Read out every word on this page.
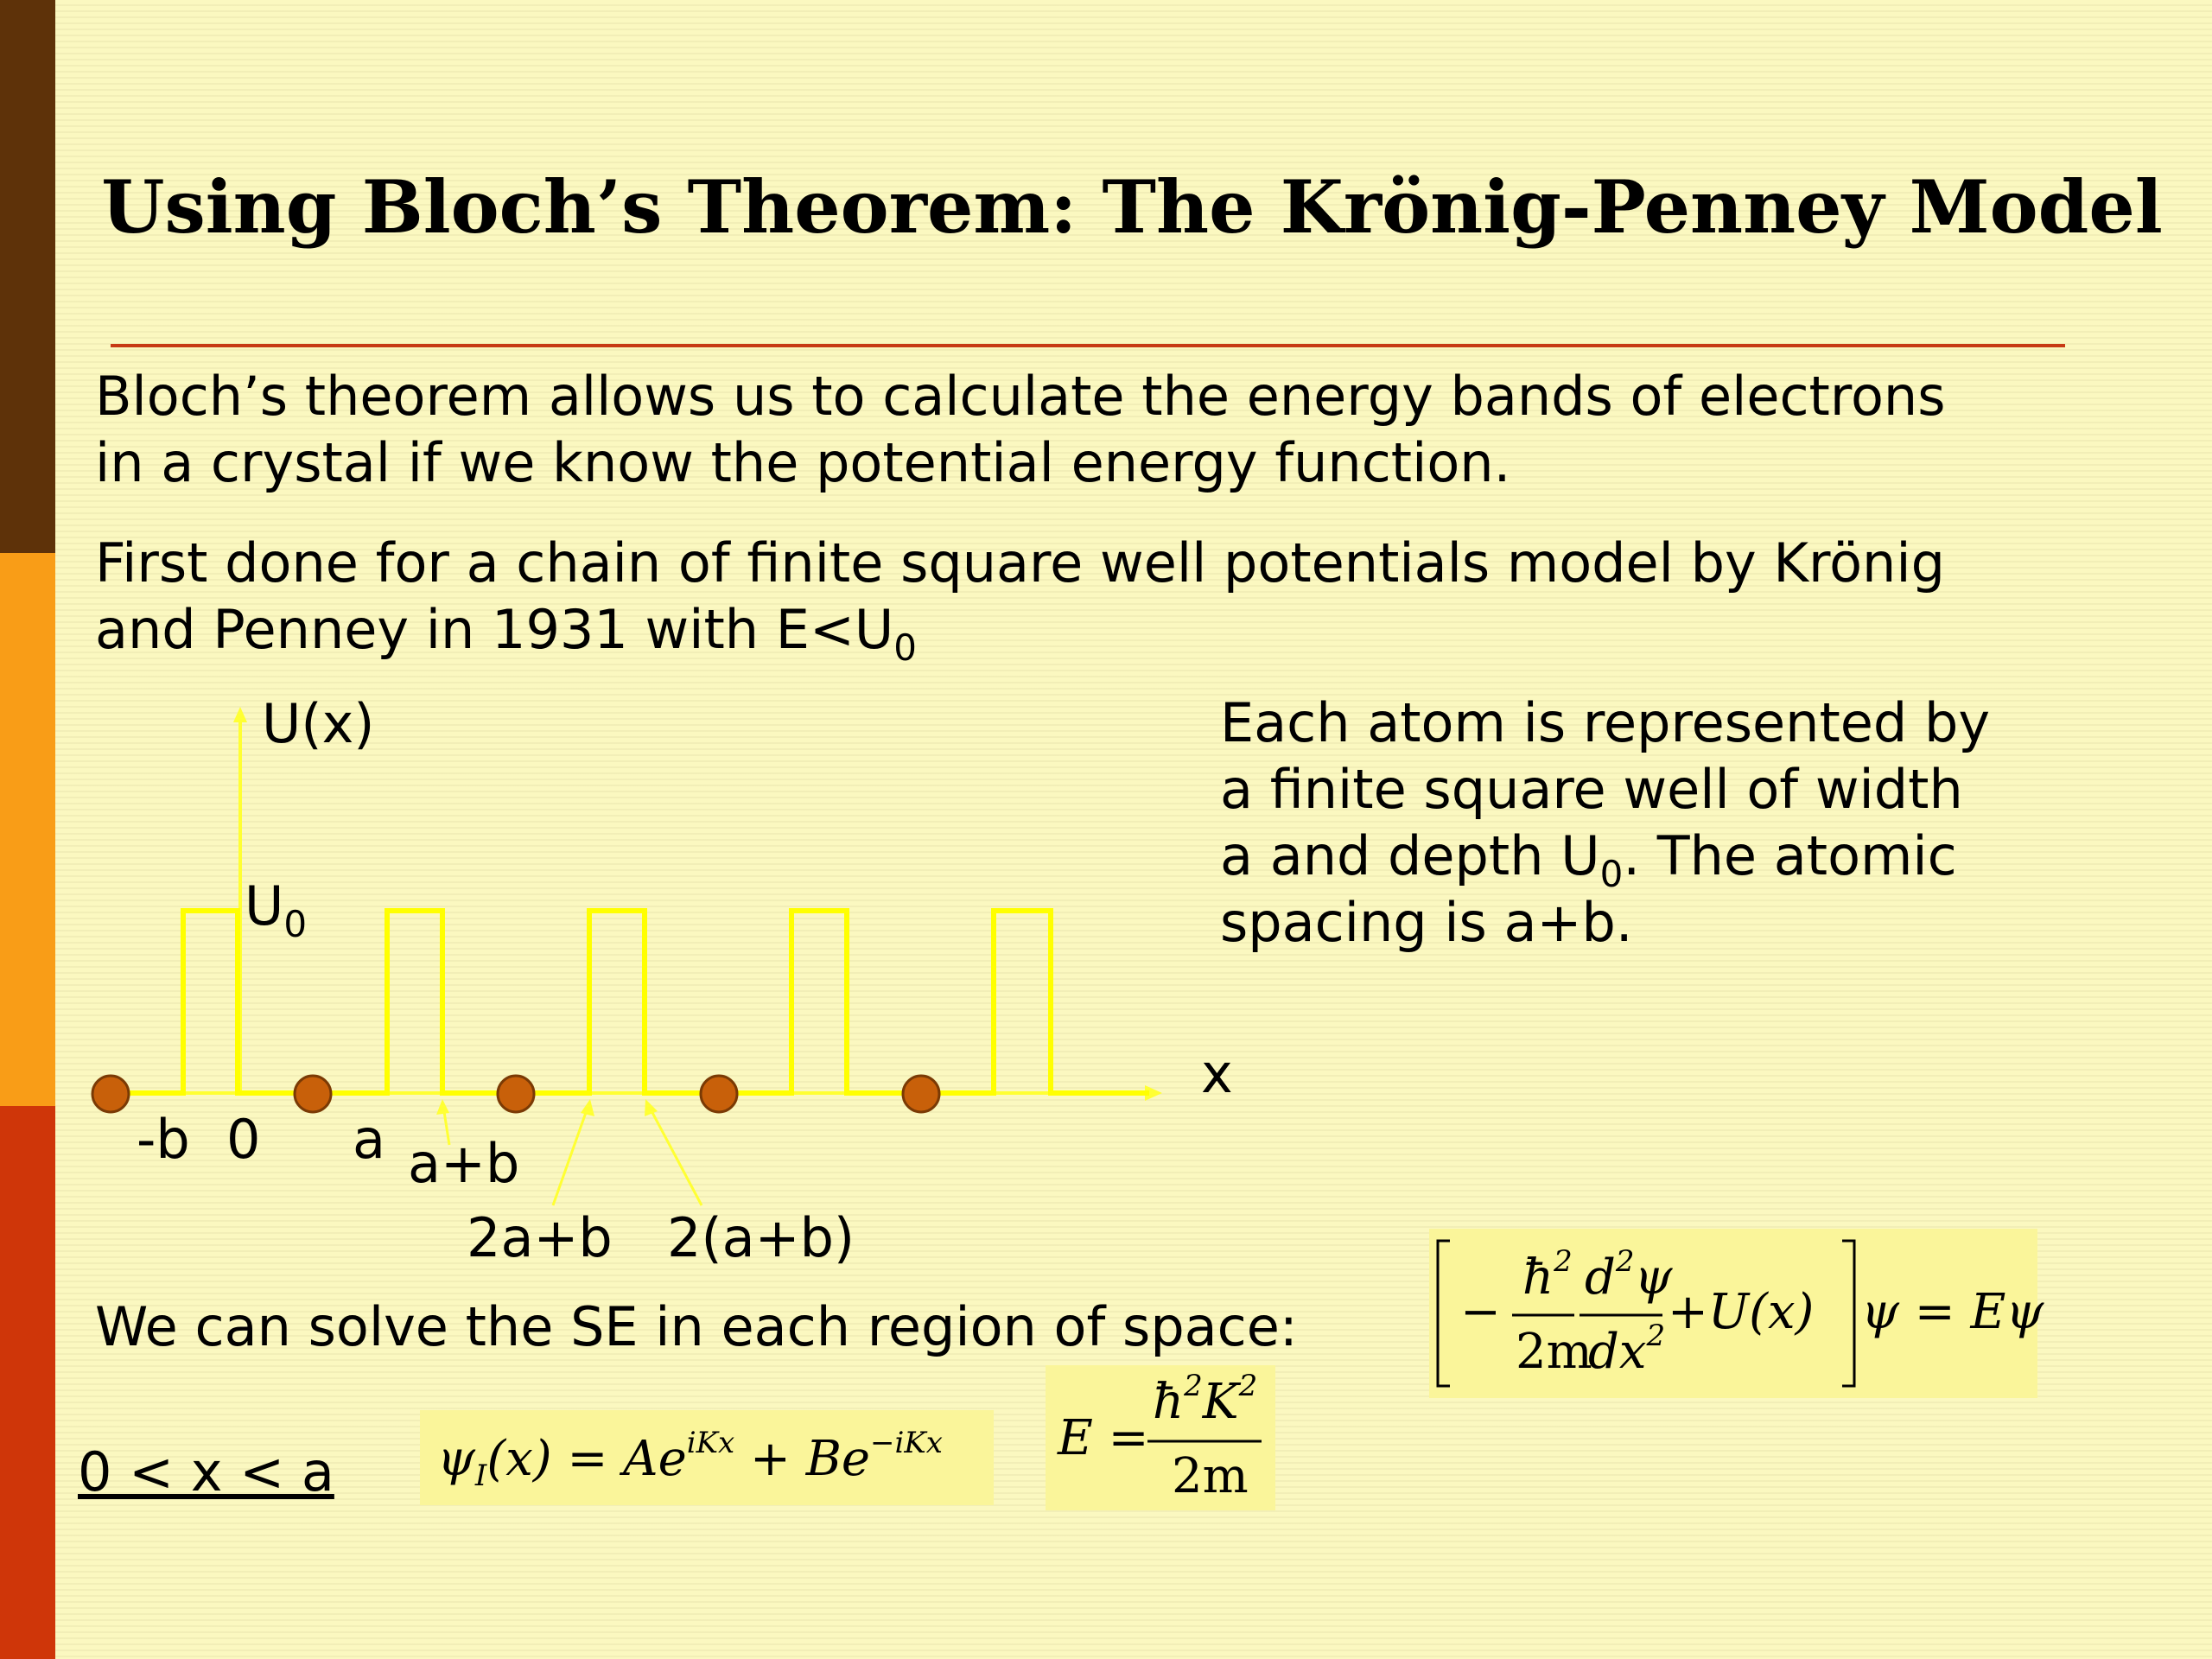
Using Bloch’s Theorem: The Krönig-Penney Model
Bloch’s theorem allows us to calculate the energy bands of electrons
in a crystal if we know the potential energy function.
First done for a chain of finite square well potentials model by Krönig
and Penney in 1931 with $E<U_0$
U(x)
x
$U_0$
-b 0 a a+b
2a+b 2(a+b)
Each atom is represented by
a finite square well of width
a and depth $U_0$. The atomic
spacing is a+b.
We can solve the SE in each region of space:	−
$ħ^2$
2m
$d^2\psi$
$dx^2 +U(x) \psi = E\psi$
0 < x < a $\psi_I(x) = Ae^{iKx} + Be^{-iKx}$ E =
$ħ^2K^2$
2m
